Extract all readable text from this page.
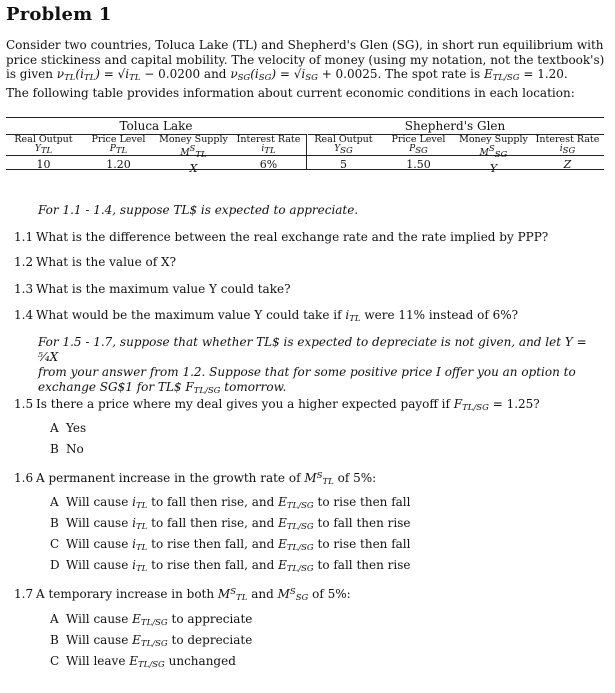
Problem 1
Consider two countries, Toluca Lake (TL) and Shepherd's Glen (SG), in short run equilibrium with
price stickiness and capital mobility. The velocity of money (using my notation, not the textbook's)
is given $\nu_{TL}(i_{TL}) = √i_{TL} - 0.0200$ and $\nu_{SG}(i_{SG}) = √i_{SG} + 0.0025$. The spot rate is $E_{TL/SG} = 1.20$.
The following table provides information about current economic conditions in each location:
Toluca Lake	Shepherd's Glen
Real Output
YTL
10
Price Level
PTL
1.20
Money Supply
MSTL
X
Interest Rate
iTL
6%
Real Output
YSG
5
Price Level
PSG
1.50
Money Supply
MSSG
Y
Interest Rate
iSG
Z

For 1.1 - 1.4, suppose TL$ is expected to appreciate.

1.1 What is the difference between the real exchange rate and the rate implied by PPP?

1.2 What is the value of X?

1.3 What is the maximum value Y could take?

1.4 What would be the maximum value Y could take if $i_{TL}$ were 11% instead of 6%?

For 1.5 - 1.7, suppose that whether TL$ is expected to depreciate is not given, and let Y = ⁵⁄₄X
from your answer from 1.2. Suppose that for some positive price I offer you an option to
exchange SG$1 for TL$ $F_{TL/SG}$ tomorrow.

1.5 Is there a price where my deal gives you a higher expected payoff if $F_{TL/SG} = 1.25$?

A Yes

B No

1.6 A permanent increase in the growth rate of $M^S_{TL}$ of 5%:

A Will cause $i_{TL}$ to fall then rise, and $E_{TL/SG}$ to rise then fall

B Will cause $i_{TL}$ to fall then rise, and $E_{TL/SG}$ to fall then rise

C Will cause $i_{TL}$ to rise then fall, and $E_{TL/SG}$ to rise then fall

D Will cause $i_{TL}$ to rise then fall, and $E_{TL/SG}$ to fall then rise

1.7 A temporary increase in both $M^S_{TL}$ and $M^S_{SG}$ of 5%:

A Will cause $E_{TL/SG}$ to appreciate

B Will cause $E_{TL/SG}$ to depreciate

C Will leave $E_{TL/SG}$ unchanged
